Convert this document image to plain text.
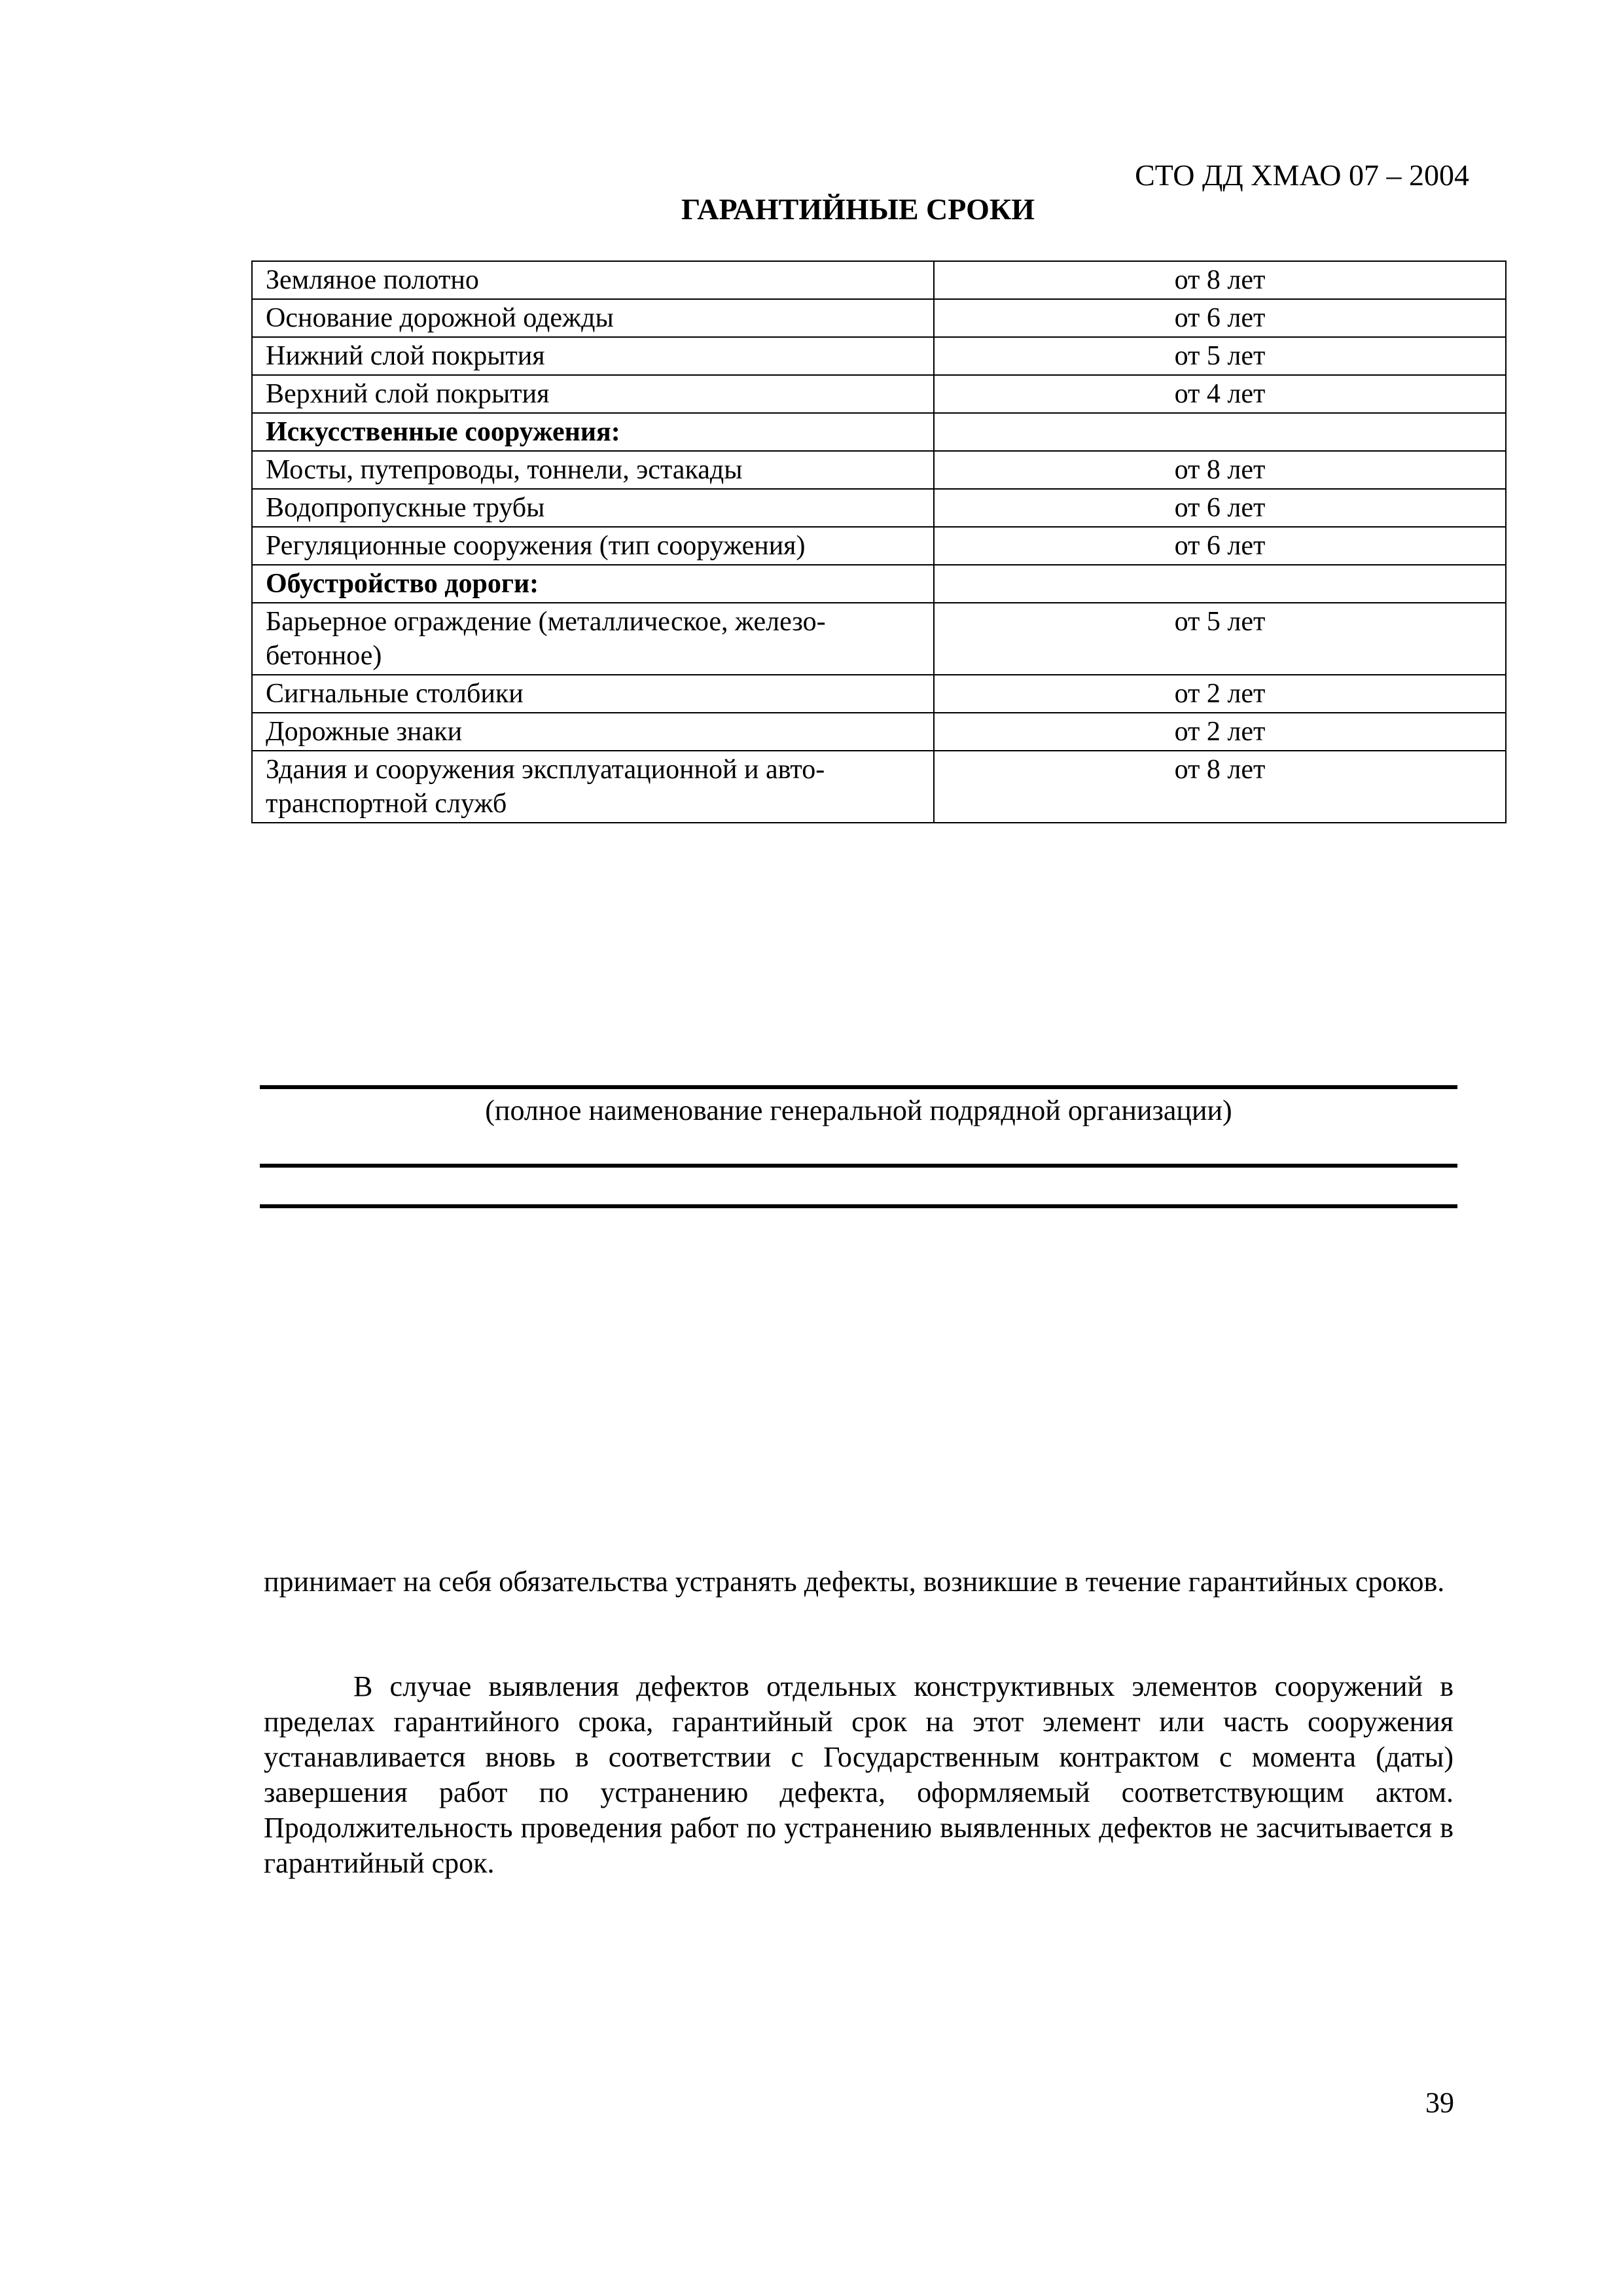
СТО ДД ХМАО 07 – 2004
ГАРАНТИЙНЫЕ СРОКИ
Земляное полотно	от 8 лет
Основание дорожной одежды	от 6 лет
Нижний слой покрытия	от 5 лет
Верхний слой покрытия	от 4 лет
Искусственные сооружения:	
Мосты, путепроводы, тоннели, эстакады	от 8 лет
Водопропускные трубы	от 6 лет
Регуляционные сооружения (тип сооружения)	от 6 лет
Обустройство дороги:	
Барьерное ограждение (металлическое, железо-бетонное)	от 5 лет
Сигнальные столбики	от 2 лет
Дорожные знаки	от 2 лет
Здания и сооружения эксплуатационной и авто-транспортной служб	от 8 лет
(полное наименование генеральной подрядной организации)
принимает на себя обязательства устранять дефекты, возникшие в течение гарантийных сроков.
В случае выявления дефектов отдельных конструктивных элементов сооружений в пределах гарантийного срока, гарантийный срок на этот элемент или часть сооружения устанавливается вновь в соответствии с Государственным контрактом с момента (даты) завершения работ по устранению дефекта, оформляемый соответствующим актом. Продолжительность проведения работ по устранению выявленных дефектов не засчитывается в гарантийный срок.
39
